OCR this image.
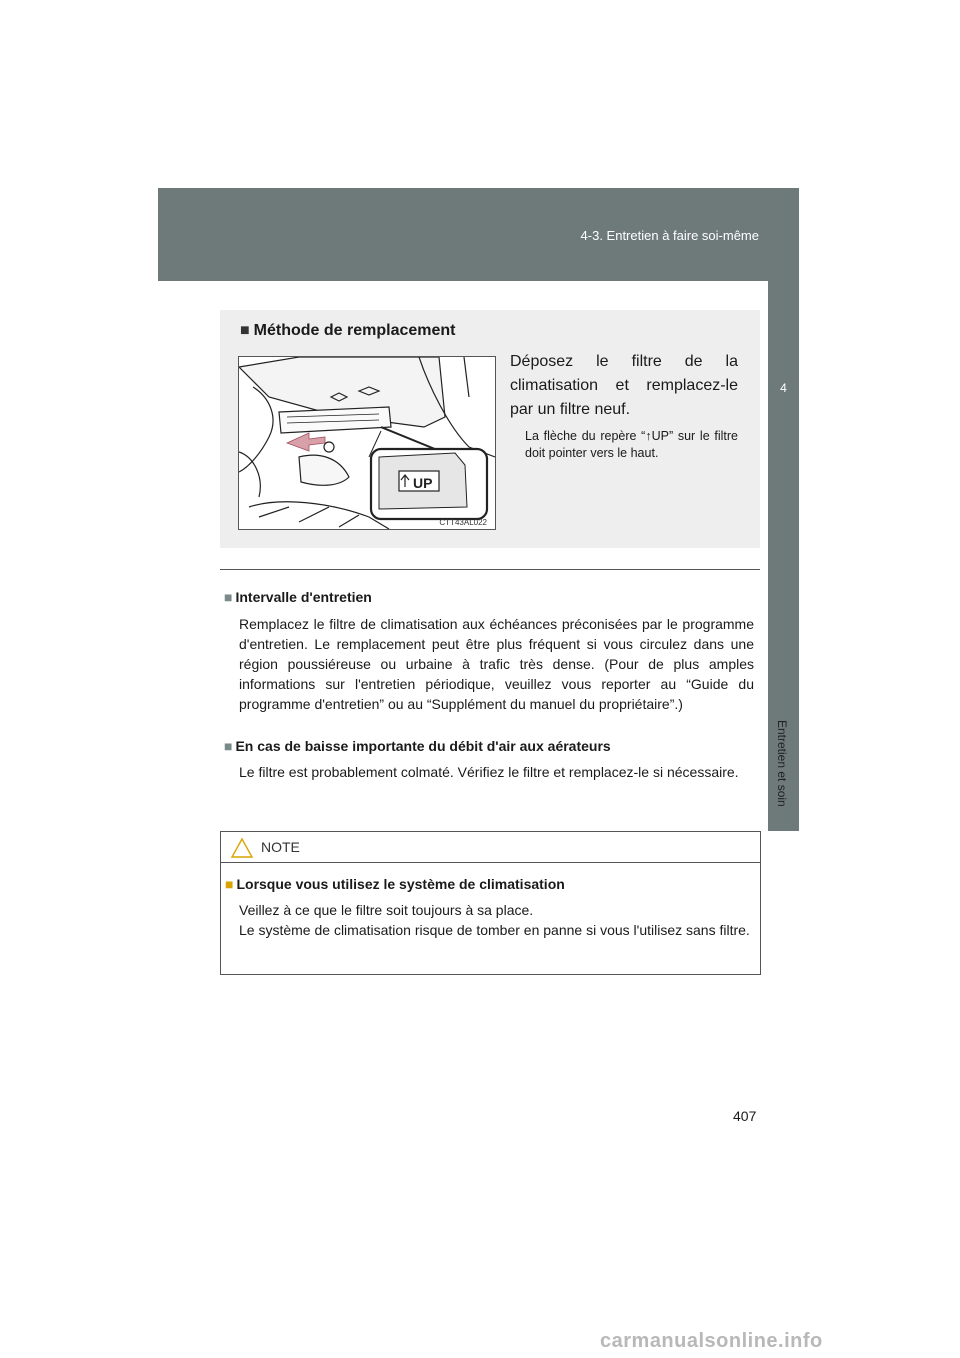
4-3. Entretien à faire soi-même
4
Entretien et soin
■ Méthode de remplacement
UP
CTT43AL022
Déposez le filtre de la climatisation et remplacez-le par un filtre neuf.
La flèche du repère “↑UP” sur le filtre doit pointer vers le haut.
■ Intervalle d'entretien
Remplacez le filtre de climatisation aux échéances préconisées par le programme d'entretien. Le remplacement peut être plus fréquent si vous circulez dans une région poussiéreuse ou urbaine à trafic très dense. (Pour de plus amples informations sur l'entretien périodique, veuillez vous reporter au “Guide du programme d'entretien” ou au “Supplément du manuel du propriétaire”.)
■ En cas de baisse importante du débit d'air aux aérateurs
Le filtre est probablement colmaté. Vérifiez le filtre et remplacez-le si nécessaire.
NOTE
■ Lorsque vous utilisez le système de climatisation
Veillez à ce que le filtre soit toujours à sa place.
Le système de climatisation risque de tomber en panne si vous l'utilisez sans filtre.
407
carmanualsonline.info
